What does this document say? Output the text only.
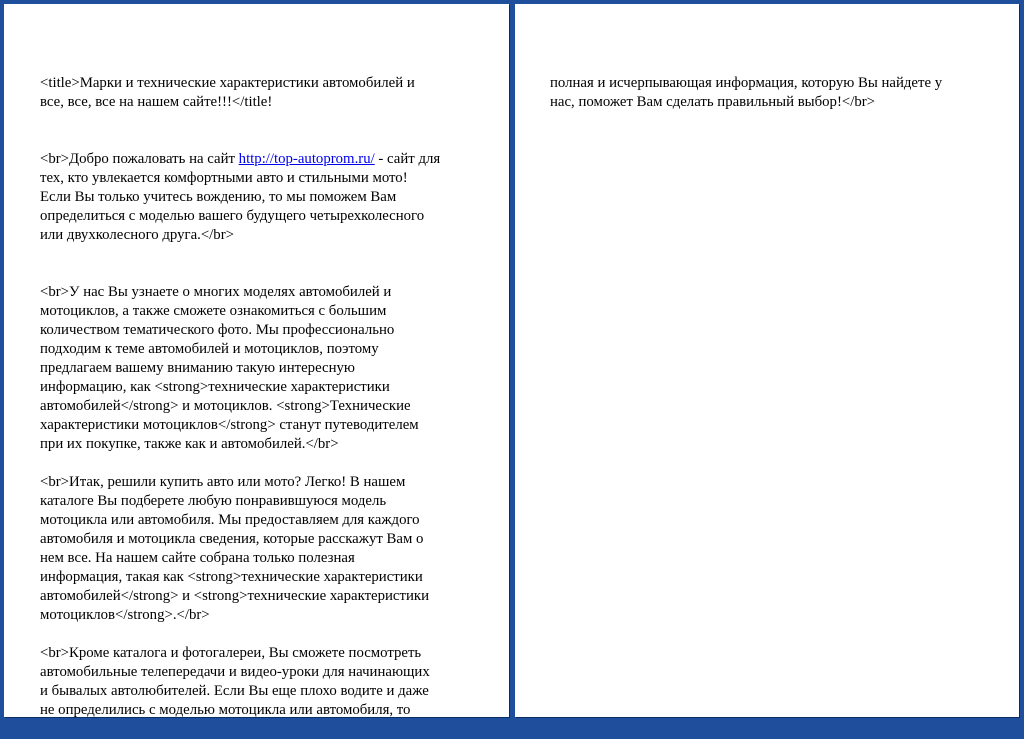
<title>Марки и технические характеристики автомобилей и
все, все, все на нашем сайте!!!</title!

<br>Добро пожаловать на сайт http://top-autoprom.ru/ - сайт для
тех, кто увлекается комфортными авто и стильными мото!
Если Вы только учитесь вождению, то мы поможем Вам
определиться с моделью вашего будущего четырехколесного
или двухколесного друга.</br>

<br>У нас Вы узнаете о многих моделях автомобилей и
мотоциклов, а также сможете ознакомиться с большим
количеством тематического фото. Мы профессионально
подходим к теме автомобилей и мотоциклов, поэтому
предлагаем вашему вниманию такую интересную
информацию, как <strong>технические характеристики
автомобилей</strong> и мотоциклов. <strong>Технические
характеристики мотоциклов</strong> станут путеводителем
при их покупке, также как и автомобилей.</br>

<br>Итак, решили купить авто или мото? Легко! В нашем
каталоге Вы подберете любую понравившуюся модель
мотоцикла или автомобиля. Мы предоставляем для каждого
автомобиля и мотоцикла сведения, которые расскажут Вам о
нем все. На нашем сайте собрана только полезная
информация, такая как <strong>технические характеристики
автомобилей</strong> и <strong>технические характеристики
мотоциклов</strong>.</br>

<br>Кроме каталога и фотогалереи, Вы сможете посмотреть
автомобильные телепередачи и видео-уроки для начинающих
и бывалых автолюбителей. Если Вы еще плохо водите и даже
не определились с моделью мотоцикла или автомобиля, то

полная и исчерпывающая информация, которую Вы найдете у
нас, поможет Вам сделать правильный выбор!</br>
